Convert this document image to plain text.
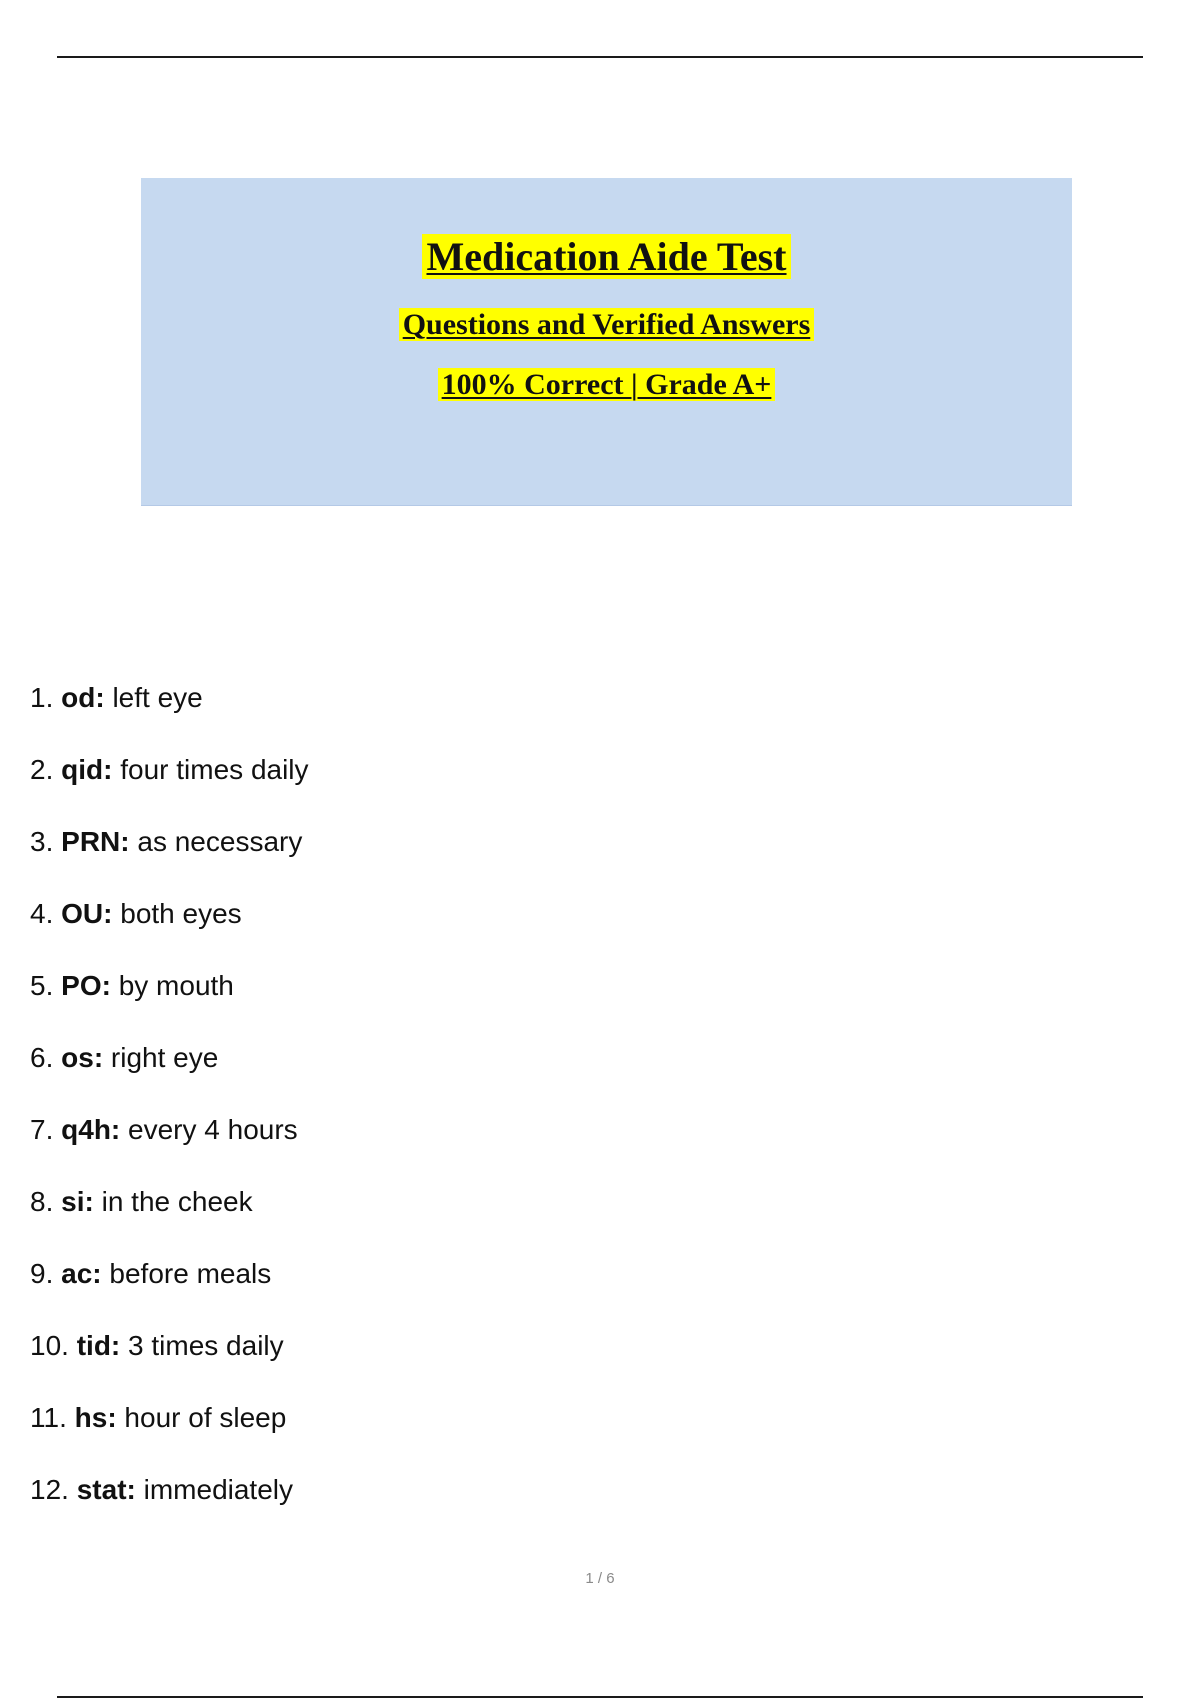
Medication Aide Test
Questions and Verified Answers
100% Correct | Grade A+
1. od: left eye
2. qid: four times daily
3. PRN: as necessary
4. OU: both eyes
5. PO: by mouth
6. os: right eye
7. q4h: every 4 hours
8. si: in the cheek
9. ac: before meals
10. tid: 3 times daily
11. hs: hour of sleep
12. stat: immediately
1 / 6
